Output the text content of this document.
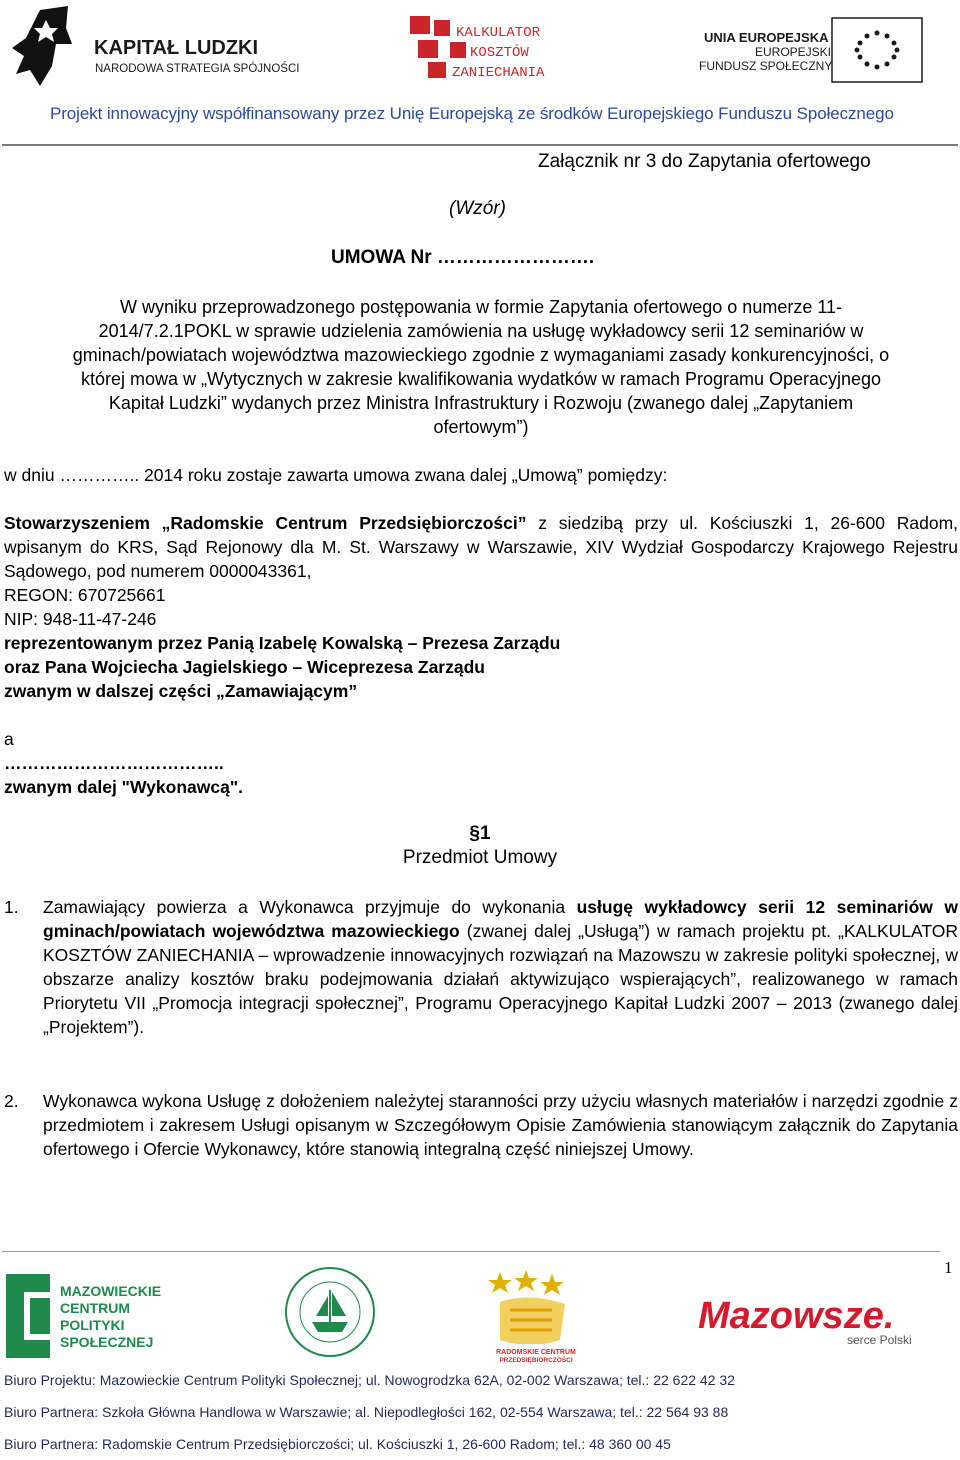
KAPITAŁ LUDZKI
NARODOWA STRATEGIA SPÓJNOŚCI
KALKULATOR
KOSZTÓW
ZANIECHANIA
UNIA EUROPEJSKA
EUROPEJSKI
FUNDUSZ SPOŁECZNY
Projekt innowacyjny współfinansowany przez Unię Europejską ze środków Europejskiego Funduszu Społecznego
Załącznik nr 3 do Zapytania ofertowego
(Wzór)
UMOWA Nr …………………….
W wyniku przeprowadzonego postępowania w formie Zapytania ofertowego o numerze 11-
2014/7.2.1POKL w sprawie udzielenia zamówienia na usługę wykładowcy serii 12 seminariów w
gminach/powiatach województwa mazowieckiego zgodnie z wymaganiami zasady konkurencyjności, o
której mowa w „Wytycznych w zakresie kwalifikowania wydatków w ramach Programu Operacyjnego
Kapitał Ludzki” wydanych przez Ministra Infrastruktury i Rozwoju (zwanego dalej „Zapytaniem
ofertowym”)
w dniu ………….. 2014 roku zostaje zawarta umowa zwana dalej „Umową” pomiędzy:

Stowarzyszeniem „Radomskie Centrum Przedsiębiorczości” z siedzibą przy ul. Kościuszki 1, 26-600 Radom, wpisanym do KRS, Sąd Rejonowy dla M. St. Warszawy w Warszawie, XIV Wydział Gospodarczy Krajowego Rejestru Sądowego, pod numerem 0000043361,

REGON: 670725661

NIP: 948-11-47-246

reprezentowanym przez Panią Izabelę Kowalską – Prezesa Zarządu

oraz Pana Wojciecha Jagielskiego – Wiceprezesa Zarządu

zwanym w dalszej części „Zamawiającym”

a
………………………………..
zwanym dalej "Wykonawcą".
§1
Przedmiot Umowy
1. Zamawiający powierza a Wykonawca przyjmuje do wykonania usługę wykładowcy serii 12 seminariów w gminach/powiatach województwa mazowieckiego (zwanej dalej „Usługą”) w ramach projektu pt. „KALKULATOR KOSZTÓW ZANIECHANIA – wprowadzenie innowacyjnych rozwiązań na Mazowszu w zakresie polityki społecznej, w obszarze analizy kosztów braku podejmowania działań aktywizująco wspierających”, realizowanego w ramach Priorytetu VII „Promocja integracji społecznej”, Programu Operacyjnego Kapitał Ludzki 2007 – 2013 (zwanego dalej „Projektem”).
2. Wykonawca wykona Usługę z dołożeniem należytej staranności przy użyciu własnych materiałów i narzędzi zgodnie z przedmiotem i zakresem Usługi opisanym w Szczegółowym Opisie Zamówienia stanowiącym załącznik do Zapytania ofertowego i Ofercie Wykonawcy, które stanowią integralną część niniejszej Umowy.
1
MAZOWIECKIE
CENTRUM
POLITYKI
SPOŁECZNEJ
RADOMSKIE CENTRUM
PRZEDSIĘBIORCZOŚCI
Mazowsze.
serce Polski
Biuro Projektu: Mazowieckie Centrum Polityki Społecznej; ul. Nowogrodzka 62A, 02-002 Warszawa; tel.: 22 622 42 32
Biuro Partnera: Szkoła Główna Handlowa w Warszawie; al. Niepodległości 162, 02-554 Warszawa; tel.: 22 564 93 88
Biuro Partnera: Radomskie Centrum Przedsiębiorczości; ul. Kościuszki 1, 26-600 Radom; tel.: 48 360 00 45
